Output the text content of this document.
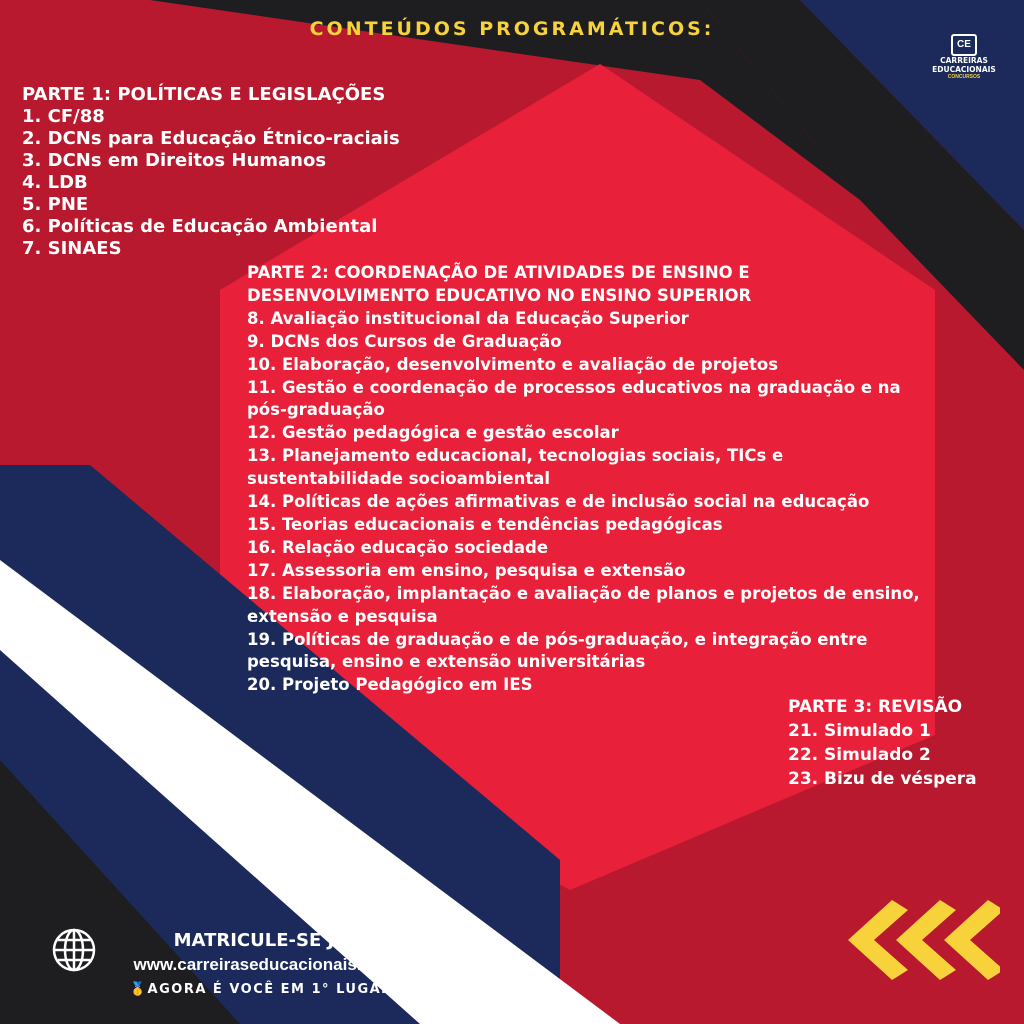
CONTEÚDOS PROGRAMÁTICOS:
CE
CARREIRAS
EDUCACIONAIS
CONCURSOS
PARTE 1: POLÍTICAS E LEGISLAÇÕES
1. CF/88
2. DCNs para Educação Étnico-raciais
3. DCNs em Direitos Humanos
4. LDB
5. PNE
6. Políticas de Educação Ambiental
7. SINAES
PARTE 2: COORDENAÇÃO DE ATIVIDADES DE ENSINO E
DESENVOLVIMENTO EDUCATIVO NO ENSINO SUPERIOR
8. Avaliação institucional da Educação Superior
9. DCNs dos Cursos de Graduação
10. Elaboração, desenvolvimento e avaliação de projetos
11. Gestão e coordenação de processos educativos na graduação e na pós-graduação
12. Gestão pedagógica e gestão escolar
13. Planejamento educacional, tecnologias sociais, TICs e sustentabilidade socioambiental
14. Políticas de ações afirmativas e de inclusão social na educação
15. Teorias educacionais e tendências pedagógicas
16. Relação educação sociedade
17. Assessoria em ensino, pesquisa e extensão
18. Elaboração, implantação e avaliação de planos e projetos de ensino, extensão e pesquisa
19. Políticas de graduação e de pós-graduação, e integração entre pesquisa, ensino e extensão universitárias
20. Projeto Pedagógico em IES
PARTE 3: REVISÃO
21. Simulado 1
22. Simulado 2
23. Bizu de véspera
MATRICULE-SE JÁ!
www.carreiraseducacionais.com
🥇AGORA É VOCÊ EM 1° LUGAR!
